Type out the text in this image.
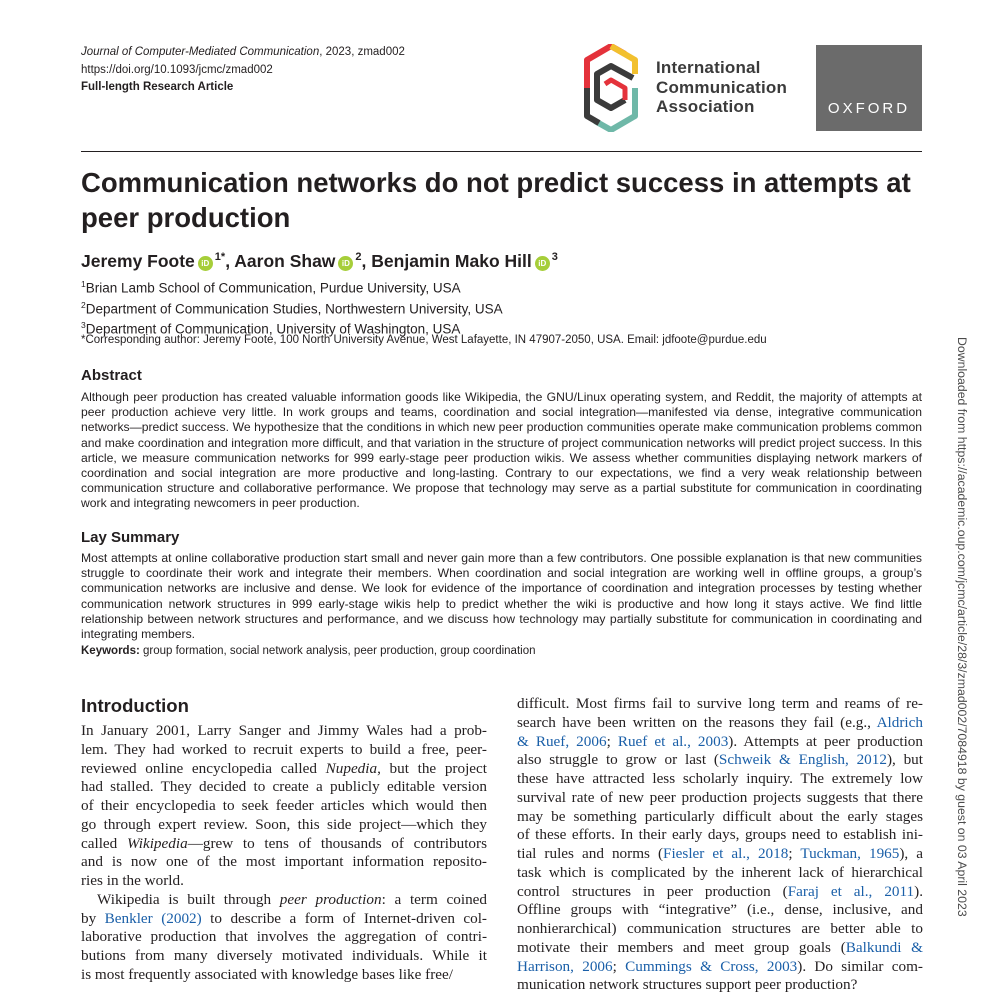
Journal of Computer-Mediated Communication, 2023, zmad002
https://doi.org/10.1093/jcmc/zmad002
Full-length Research Article
International
Communication
Association	OXFORD
Communication networks do not predict success in attempts at peer production
Jeremy Foote $iD^{1*}$, Aaron Shaw $iD^2$, Benjamin Mako Hill $iD^3$
$^1$Brian Lamb School of Communication, Purdue University, USA
$^2$Department of Communication Studies, Northwestern University, USA
$^3$Department of Communication, University of Washington, USA
*Corresponding author: Jeremy Foote, 100 North University Avenue, West Lafayette, IN 47907-2050, USA. Email: jdfoote@purdue.edu
Abstract

Although peer production has created valuable information goods like Wikipedia, the GNU/Linux operating system, and Reddit, the majority of attempts at peer production achieve very little. In work groups and teams, coordination and social integration—manifested via dense, integrative communication networks—predict success. We hypothesize that the conditions in which new peer production communities operate make communication problems common and make coordination and integration more difficult, and that variation in the structure of project communication networks will predict project success. In this article, we measure communication networks for 999 early-stage peer production wikis. We assess whether communities displaying network markers of coordination and social integration are more productive and long-lasting. Contrary to our expectations, we find a very weak relationship between communication structure and collaborative performance. We propose that technology may serve as a partial substitute for communication in coordinating work and integrating newcomers in peer production.

Lay Summary

Most attempts at online collaborative production start small and never gain more than a few contributors. One possible explanation is that new communities struggle to coordinate their work and integrate their members. When coordination and social integration are working well in offline groups, a group’s communication networks are inclusive and dense. We look for evidence of the importance of coordination and integration processes by testing whether communication network structures in 999 early-stage wikis help to predict whether the wiki is productive and how long it stays active. We find little relationship between network structures and performance, and we discuss how technology may partially substitute for communication in coordinating and integrating members.

Keywords: group formation, social network analysis, peer production, group coordination
Introduction
In January 2001, Larry Sanger and Jimmy Wales had a prob-
lem. They had worked to recruit experts to build a free, peer-
reviewed online encyclopedia called Nupedia, but the project
had stalled. They decided to create a publicly editable version
of their encyclopedia to seek feeder articles which would then
go through expert review. Soon, this side project—which they
called Wikipedia—grew to tens of thousands of contributors
and is now one of the most important information reposito-
ries in the world.
Wikipedia is built through peer production: a term coined
by Benkler (2002) to describe a form of Internet-driven col-
laborative production that involves the aggregation of contri-
butions from many diversely motivated individuals. While it
is most frequently associated with knowledge bases like free/
difficult. Most firms fail to survive long term and reams of re-
search have been written on the reasons they fail (e.g., Aldrich
& Ruef, 2006; Ruef et al., 2003). Attempts at peer production
also struggle to grow or last (Schweik & English, 2012), but
these have attracted less scholarly inquiry. The extremely low
survival rate of new peer production projects suggests that there
may be something particularly difficult about the early stages
of these efforts. In their early days, groups need to establish ini-
tial rules and norms (Fiesler et al., 2018; Tuckman, 1965), a
task which is complicated by the inherent lack of hierarchical
control structures in peer production (Faraj et al., 2011).
Offline groups with “integrative” (i.e., dense, inclusive, and
nonhierarchical) communication structures are better able to
motivate their members and meet group goals (Balkundi &
Harrison, 2006; Cummings & Cross, 2003). Do similar com-
munication network structures support peer production?
Downloaded from https://academic.oup.com/jcmc/article/28/3/zmad002/7084918 by guest on 03 April 2023
